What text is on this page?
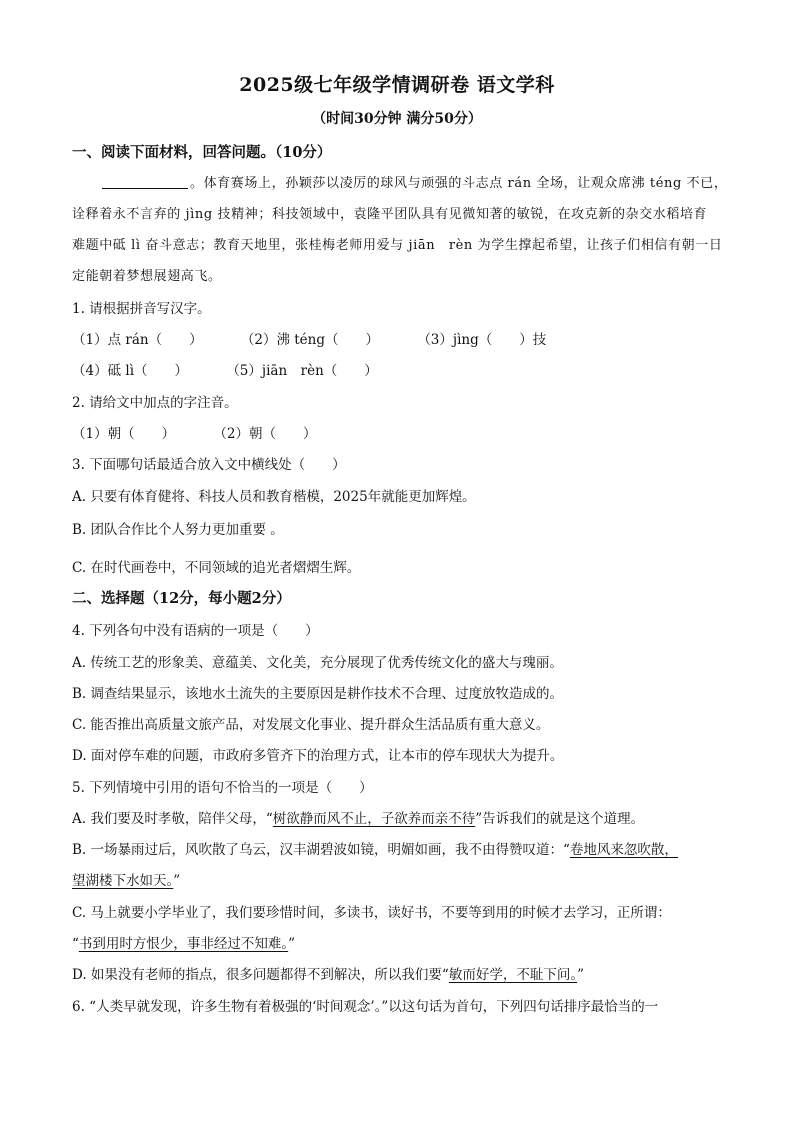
2025级七年级学情调研卷 语文学科
（时间30分钟 满分50分）
一、阅读下面材料，回答问题。（10分）
。体育赛场上，孙颖莎以凌厉的球风与顽强的斗志点 rán 全场，让观众席沸 téng 不已，
诠释着永不言弃的 jìng 技精神；科技领域中，袁隆平团队具有见微知著的敏锐，在攻克新的杂交水稻培育
难题中砥 lì 奋斗意志；教育天地里，张桂梅老师用爱与 jiān　rèn 为学生撑起希望，让孩子们相信有朝一日
定能朝着梦想展翅高飞。
1. 请根据拼音写汉字。
（1）点 rán（　　）	（2）沸 téng（　　）	（3）jìng（　　）技
（4）砥 lì（　　）	（5）jiān　rèn（　　）
2. 请给文中加点的字注音。
（1）朝（　　）	（2）朝（　　）
3. 下面哪句话最适合放入文中横线处（　　）
A. 只要有体育健将、科技人员和教育楷模，2025年就能更加辉煌。
B. 团队合作比个人努力更加重要 。
C. 在时代画卷中，不同领域的追光者熠熠生辉。
二、选择题（12分，每小题2分）
4. 下列各句中没有语病的一项是（　　）
A. 传统工艺的形象美、意蕴美、文化美，充分展现了优秀传统文化的盛大与瑰丽。
B. 调查结果显示，该地水土流失的主要原因是耕作技术不合理、过度放牧造成的。
C. 能否推出高质量文旅产品，对发展文化事业、提升群众生活品质有重大意义。
D. 面对停车难的问题，市政府多管齐下的治理方式，让本市的停车现状大为提升。
5. 下列情境中引用的语句不恰当的一项是（　　）
A. 我们要及时孝敬，陪伴父母，“树欲静而风不止，子欲养而亲不待”告诉我们的就是这个道理。
B. 一场暴雨过后，风吹散了乌云，汉丰湖碧波如镜，明媚如画，我不由得赞叹道：“卷地风来忽吹散，
望湖楼下水如天。”
C. 马上就要小学毕业了，我们要珍惜时间，多读书，读好书，不要等到用的时候才去学习，正所谓：
“书到用时方恨少，事非经过不知难。”
D. 如果没有老师的指点，很多问题都得不到解决，所以我们要“敏而好学，不耻下问。”
6. “人类早就发现，许多生物有着极强的‘时间观念’。”以这句话为首句，下列四句话排序最恰当的一
